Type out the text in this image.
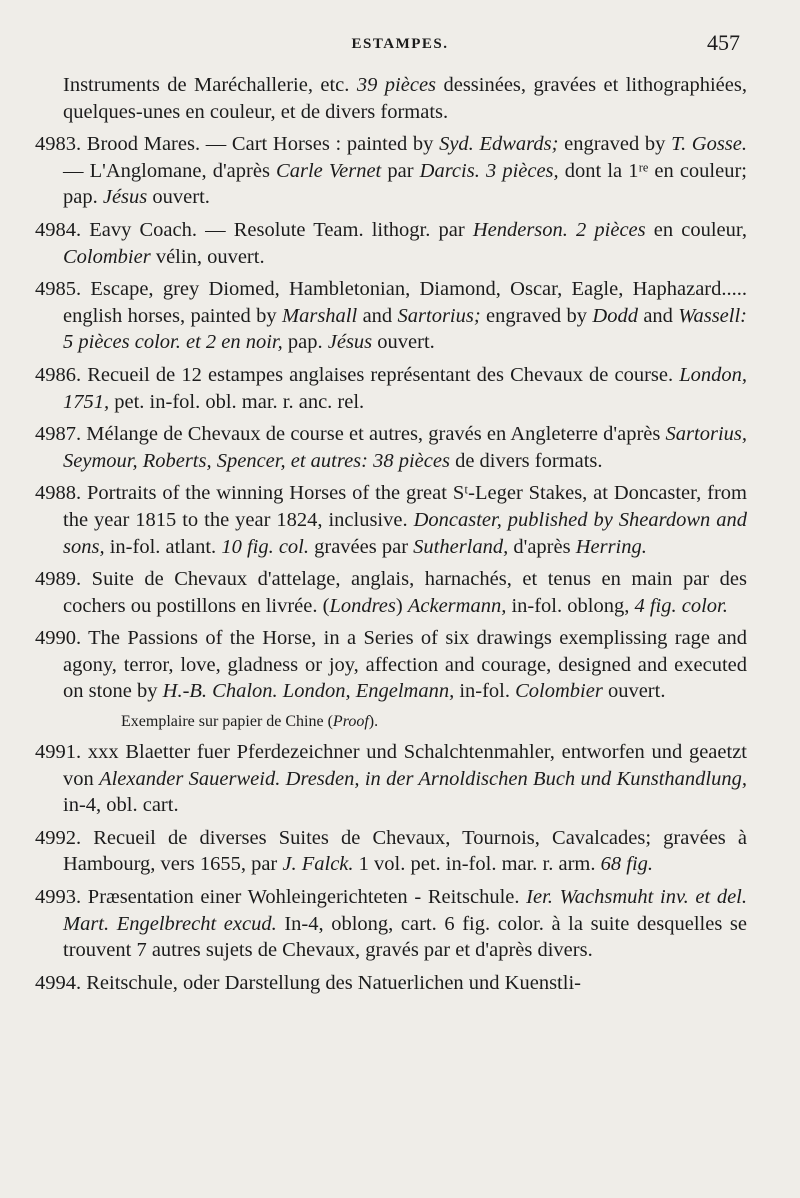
ESTAMPES.	457

Instruments de Maréchallerie, etc. 39 pièces dessinées, gravées et lithographiées, quelques-unes en couleur, et de divers formats.

4983. Brood Mares. — Cart Horses : painted by Syd. Edwards; engraved by T. Gosse. — L'Anglomane, d'après Carle Vernet par Darcis. 3 pièces, dont la 1ʳᵉ en couleur; pap. Jésus ouvert.

4984. Eavy Coach. — Resolute Team. lithogr. par Henderson. 2 pièces en couleur, Colombier vélin, ouvert.

4985. Escape, grey Diomed, Hambletonian, Diamond, Oscar, Eagle, Haphazard..... english horses, painted by Marshall and Sartorius; engraved by Dodd and Wassell: 5 pièces color. et 2 en noir, pap. Jésus ouvert.

4986. Recueil de 12 estampes anglaises représentant des Chevaux de course. London, 1751, pet. in-fol. obl. mar. r. anc. rel.

4987. Mélange de Chevaux de course et autres, gravés en Angleterre d'après Sartorius, Seymour, Roberts, Spencer, et autres: 38 pièces de divers formats.

4988. Portraits of the winning Horses of the great Sᵗ-Leger Stakes, at Doncaster, from the year 1815 to the year 1824, inclusive. Doncaster, published by Sheardown and sons, in-fol. atlant. 10 fig. col. gravées par Sutherland, d'après Herring.

4989. Suite de Chevaux d'attelage, anglais, harnachés, et tenus en main par des cochers ou postillons en livrée. (Londres) Ackermann, in-fol. oblong, 4 fig. color.

4990. The Passions of the Horse, in a Series of six drawings exemplissing rage and agony, terror, love, gladness or joy, affection and courage, designed and executed on stone by H.-B. Chalon. London, Engelmann, in-fol. Colombier ouvert.

Exemplaire sur papier de Chine (Proof).

4991. xxx Blaetter fuer Pferdezeichner und Schalchtenmahler, entworfen und geaetzt von Alexander Sauerweid. Dresden, in der Arnoldischen Buch und Kunsthandlung, in-4, obl. cart.

4992. Recueil de diverses Suites de Chevaux, Tournois, Cavalcades; gravées à Hambourg, vers 1655, par J. Falck. 1 vol. pet. in-fol. mar. r. arm. 68 fig.

4993. Præsentation einer Wohleingerichteten - Reitschule. Ier. Wachsmuht inv. et del. Mart. Engelbrecht excud. In-4, oblong, cart. 6 fig. color. à la suite desquelles se trouvent 7 autres sujets de Chevaux, gravés par et d'après divers.

4994. Reitschule, oder Darstellung des Natuerlichen und Kuenstli-
